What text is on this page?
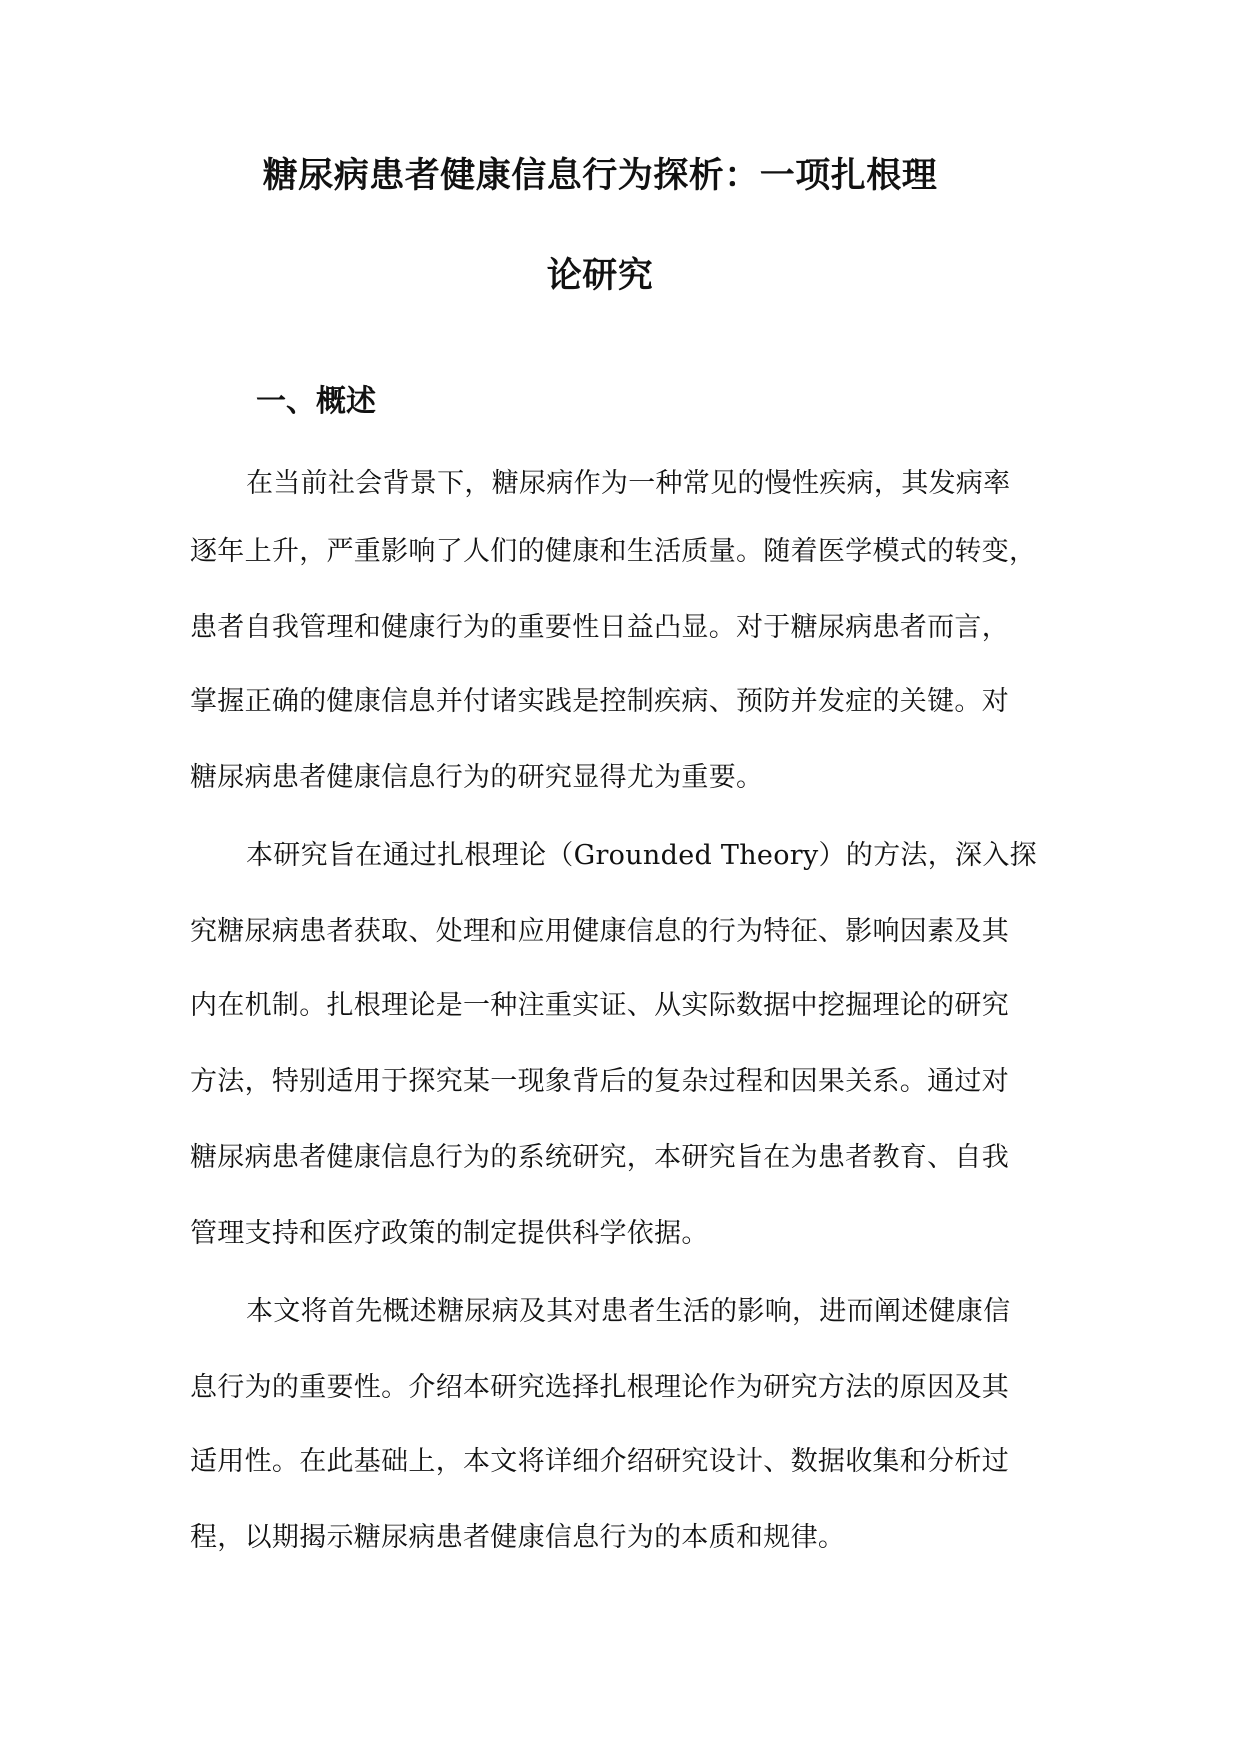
糖尿病患者健康信息行为探析：一项扎根理
论研究
一、概述
在当前社会背景下，糖尿病作为一种常见的慢性疾病，其发病率
逐年上升，严重影响了人们的健康和生活质量。随着医学模式的转变，
患者自我管理和健康行为的重要性日益凸显。对于糖尿病患者而言，
掌握正确的健康信息并付诸实践是控制疾病、预防并发症的关键。对
糖尿病患者健康信息行为的研究显得尤为重要。
本研究旨在通过扎根理论（Grounded Theory）的方法，深入探
究糖尿病患者获取、处理和应用健康信息的行为特征、影响因素及其
内在机制。扎根理论是一种注重实证、从实际数据中挖掘理论的研究
方法，特别适用于探究某一现象背后的复杂过程和因果关系。通过对
糖尿病患者健康信息行为的系统研究，本研究旨在为患者教育、自我
管理支持和医疗政策的制定提供科学依据。
本文将首先概述糖尿病及其对患者生活的影响，进而阐述健康信
息行为的重要性。介绍本研究选择扎根理论作为研究方法的原因及其
适用性。在此基础上，本文将详细介绍研究设计、数据收集和分析过
程，以期揭示糖尿病患者健康信息行为的本质和规律。
